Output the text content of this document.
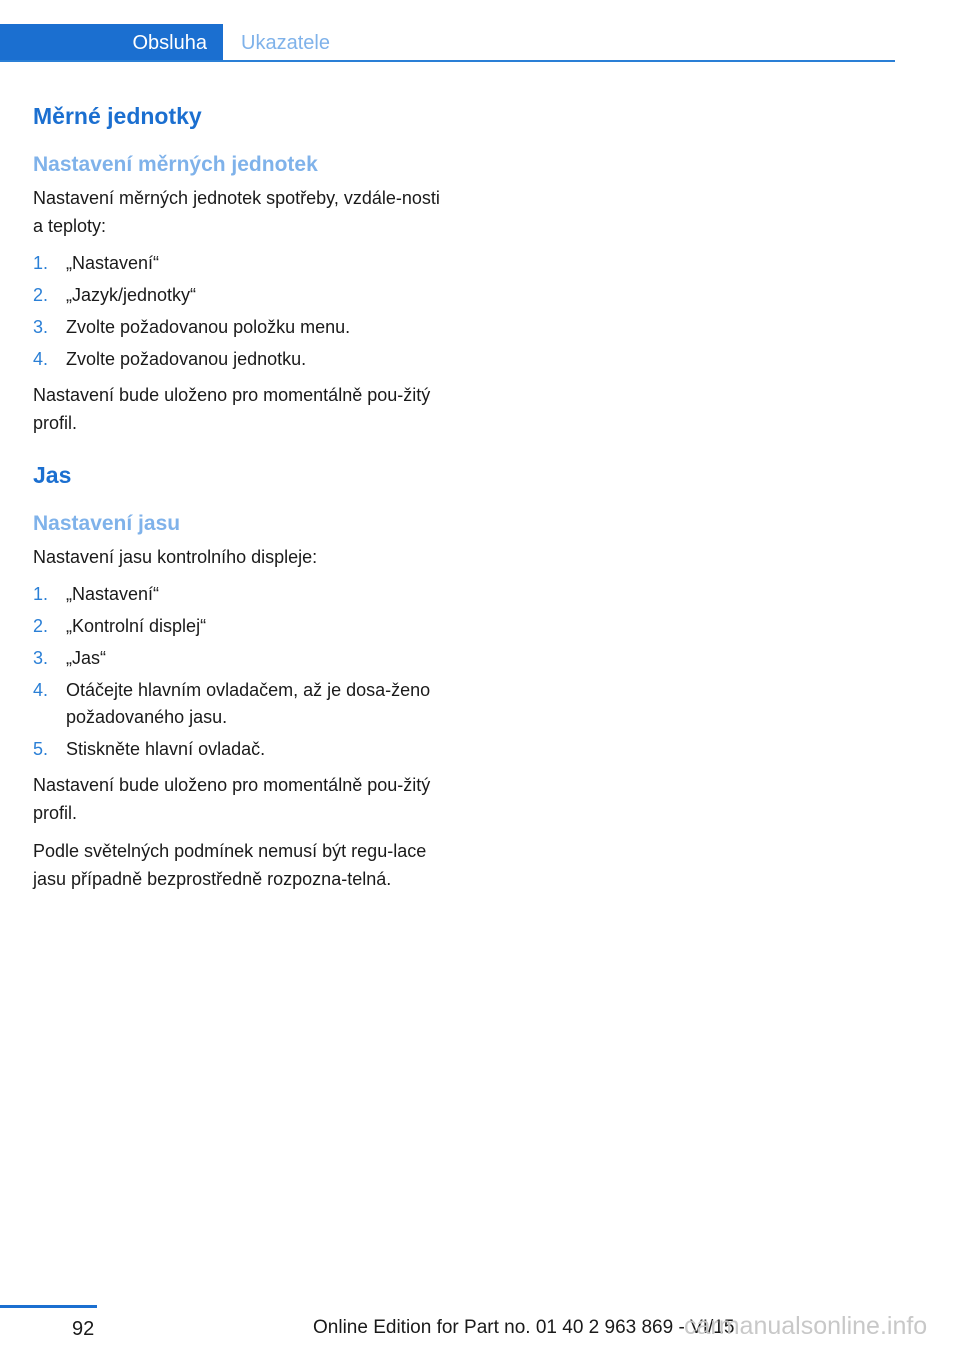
Obsluha	Ukazatele
Měrné jednotky
Nastavení měrných jednotek

Nastavení měrných jednotek spotřeby, vzdále-nosti a teploty:

1. „Nastavení“
2. „Jazyk/jednotky“
3. Zvolte požadovanou položku menu.
4. Zvolte požadovanou jednotku.

Nastavení bude uloženo pro momentálně pou-žitý profil.

Jas
Nastavení jasu

Nastavení jasu kontrolního displeje:

1. „Nastavení“
2. „Kontrolní displej“
3. „Jas“
4. Otáčejte hlavním ovladačem, až je dosa-ženo požadovaného jasu.
5. Stiskněte hlavní ovladač.

Nastavení bude uloženo pro momentálně pou-žitý profil.

Podle světelných podmínek nemusí být regu-lace jasu případně bezprostředně rozpozna-telná.

92	Online Edition for Part no. 01 40 2 963 869 - VI/15
carmanualsonline.info
